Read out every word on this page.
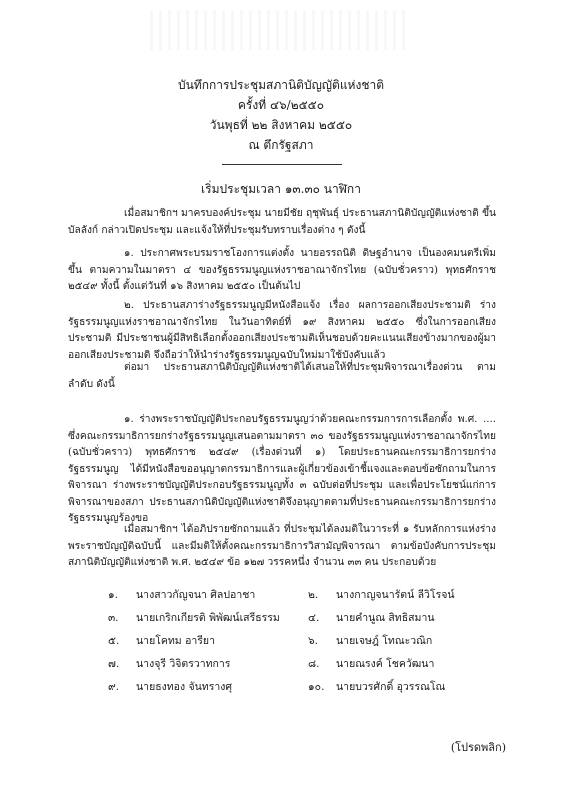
บันทึกการประชุมสภานิติบัญญัติแห่งชาติ
ครั้งที่ ๔๖/๒๕๕๐
วันพุธที่ ๒๒ สิงหาคม ๒๕๕๐
ณ ตึกรัฐสภา
เริ่มประชุมเวลา ๑๓.๓๐ นาฬิกา
เมื่อสมาชิกฯ มาครบองค์ประชุม นายมีชัย ฤชุพันธุ์ ประธานสภานิติบัญญัติแห่งชาติ ขึ้นบัลลังก์ กล่าวเปิดประชุม และแจ้งให้ที่ประชุมรับทราบเรื่องต่าง ๆ ดังนี้
๑. ประกาศพระบรมราชโองการแต่งตั้ง นายอรรถนิติ ดิษฐอำนาจ เป็นองคมนตรีเพิ่มขึ้น ตามความในมาตรา ๔ ของรัฐธรรมนูญแห่งราชอาณาจักรไทย (ฉบับชั่วคราว) พุทธศักราช ๒๕๔๙ ทั้งนี้ ตั้งแต่วันที่ ๑๖ สิงหาคม ๒๕๕๐ เป็นต้นไป
๒. ประธานสภาร่างรัฐธรรมนูญมีหนังสือแจ้ง เรื่อง ผลการออกเสียงประชามติ ร่างรัฐธรรมนูญแห่งราชอาณาจักรไทย ในวันอาทิตย์ที่ ๑๙ สิงหาคม ๒๕๕๐ ซึ่งในการออกเสียงประชามติ มีประชาชนผู้มีสิทธิเลือกตั้งออกเสียงประชามติเห็นชอบด้วยคะแนนเสียงข้างมากของผู้มาออกเสียงประชามติ จึงถือว่าให้นำร่างรัฐธรรมนูญฉบับใหม่มาใช้บังคับแล้ว
ต่อมา ประธานสภานิติบัญญัติแห่งชาติได้เสนอให้ที่ประชุมพิจารณาเรื่องด่วน ตามลำดับ ดังนี้
๑. ร่างพระราชบัญญัติประกอบรัฐธรรมนูญว่าด้วยคณะกรรมการการเลือกตั้ง พ.ศ. .... ซึ่งคณะกรรมาธิการยกร่างรัฐธรรมนูญเสนอตามมาตรา ๓๐ ของรัฐธรรมนูญแห่งราชอาณาจักรไทย (ฉบับชั่วคราว) พุทธศักราช ๒๕๔๙ (เรื่องด่วนที่ ๑) โดยประธานคณะกรรมาธิการยกร่างรัฐธรรมนูญ ได้มีหนังสือขออนุญาตกรรมาธิการและผู้เกี่ยวข้องเข้าชี้แจงและตอบข้อซักถามในการพิจารณา ร่างพระราชบัญญัติประกอบรัฐธรรมนูญทั้ง ๓ ฉบับต่อที่ประชุม และเพื่อประโยชน์แก่การพิจารณาของสภา ประธานสภานิติบัญญัติแห่งชาติจึงอนุญาตตามที่ประธานคณะกรรมาธิการยกร่างรัฐธรรมนูญร้องขอ
เมื่อสมาชิกฯ ได้อภิปรายซักถามแล้ว ที่ประชุมได้ลงมติในวาระที่ ๑ รับหลักการแห่งร่างพระราชบัญญัติฉบับนี้ และมีมติให้ตั้งคณะกรรมาธิการวิสามัญพิจารณา ตามข้อบังคับการประชุมสภานิติบัญญัติแห่งชาติ พ.ศ. ๒๕๔๙ ข้อ ๑๒๗ วรรคหนึ่ง จำนวน ๓๓ คน ประกอบด้วย
๑.	นางสาวกัญจนา ศิลปอาชา	๒.	นางกาญจนารัตน์ ลีวิโรจน์
๓.	นายเกริกเกียรติ พิพัฒน์เสรีธรรม	๔.	นายคำนูณ สิทธิสมาน
๕.	นายโคทม อารียา	๖.	นายเจษฎ์ โทณะวณิก
๗.	นางจุรี วิจิตรวาทการ	๘.	นายณรงค์ โชควัฒนา
๙.	นายธงทอง จันทรางศุ	๑๐.	นายบวรศักดิ์ อุวรรณโณ
(โปรดพลิก)
